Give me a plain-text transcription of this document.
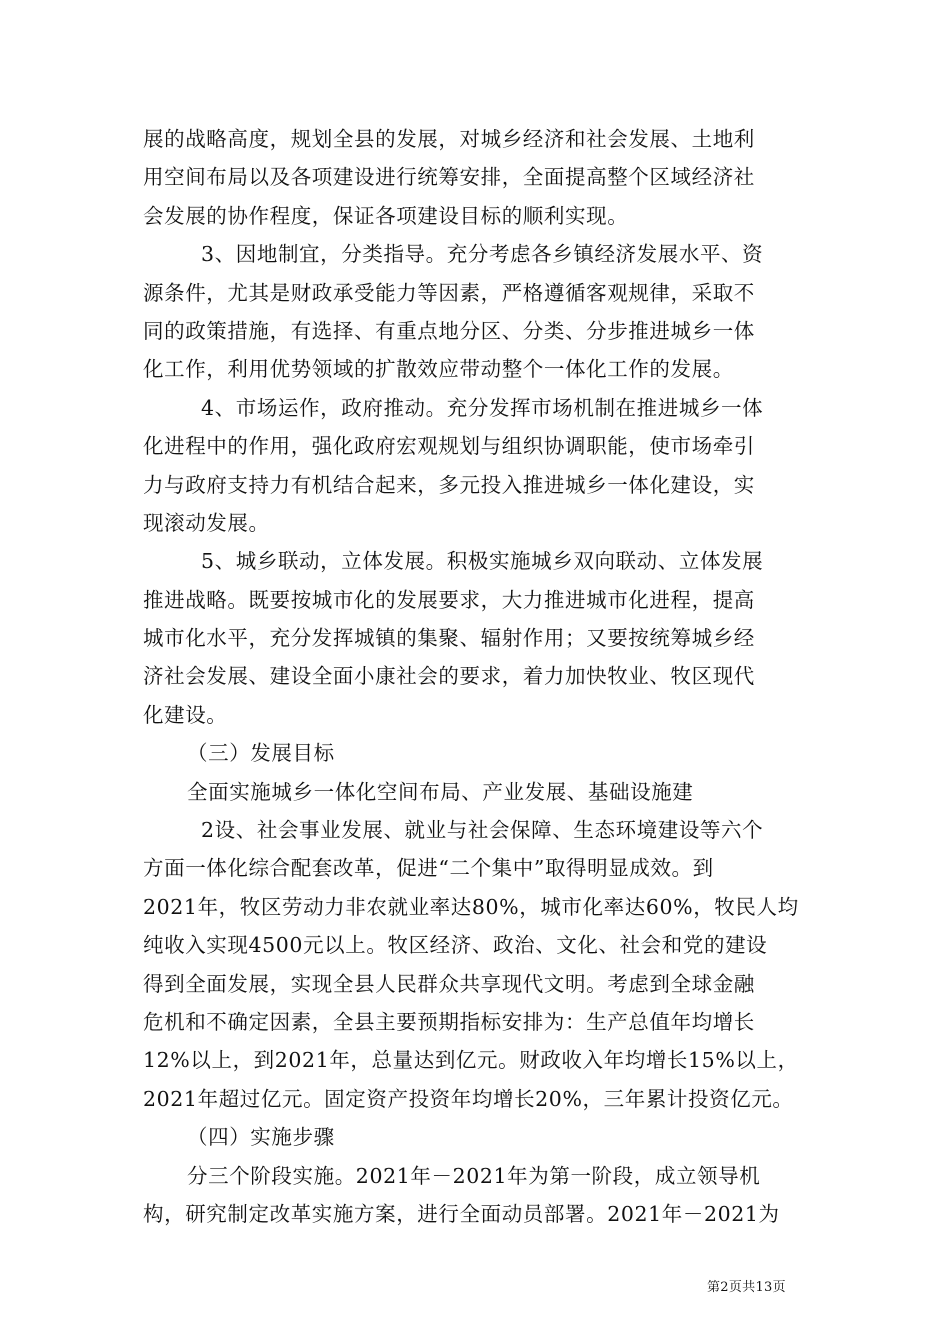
展的战略高度，规划全县的发展，对城乡经济和社会发展、土地利
用空间布局以及各项建设进行统筹安排，全面提高整个区域经济社
会发展的协作程度，保证各项建设目标的顺利实现。
3、因地制宜，分类指导。充分考虑各乡镇经济发展水平、资
源条件，尤其是财政承受能力等因素，严格遵循客观规律，采取不
同的政策措施，有选择、有重点地分区、分类、分步推进城乡一体
化工作，利用优势领域的扩散效应带动整个一体化工作的发展。
4、市场运作，政府推动。充分发挥市场机制在推进城乡一体
化进程中的作用，强化政府宏观规划与组织协调职能，使市场牵引
力与政府支持力有机结合起来，多元投入推进城乡一体化建设，实
现滚动发展。
5、城乡联动，立体发展。积极实施城乡双向联动、立体发展
推进战略。既要按城市化的发展要求，大力推进城市化进程，提高
城市化水平，充分发挥城镇的集聚、辐射作用；又要按统筹城乡经
济社会发展、建设全面小康社会的要求，着力加快牧业、牧区现代
化建设。
（三）发展目标
全面实施城乡一体化空间布局、产业发展、基础设施建
2设、社会事业发展、就业与社会保障、生态环境建设等六个
方面一体化综合配套改革，促进“二个集中”取得明显成效。到
2021年，牧区劳动力非农就业率达80%，城市化率达60%，牧民人均
纯收入实现4500元以上。牧区经济、政治、文化、社会和党的建设
得到全面发展，实现全县人民群众共享现代文明。考虑到全球金融
危机和不确定因素，全县主要预期指标安排为：生产总值年均增长
12%以上，到2021年，总量达到亿元。财政收入年均增长15%以上，
2021年超过亿元。固定资产投资年均增长20%，三年累计投资亿元。
（四）实施步骤
分三个阶段实施。2021年－2021年为第一阶段，成立领导机
构，研究制定改革实施方案，进行全面动员部署。2021年－2021为
第2页共13页
